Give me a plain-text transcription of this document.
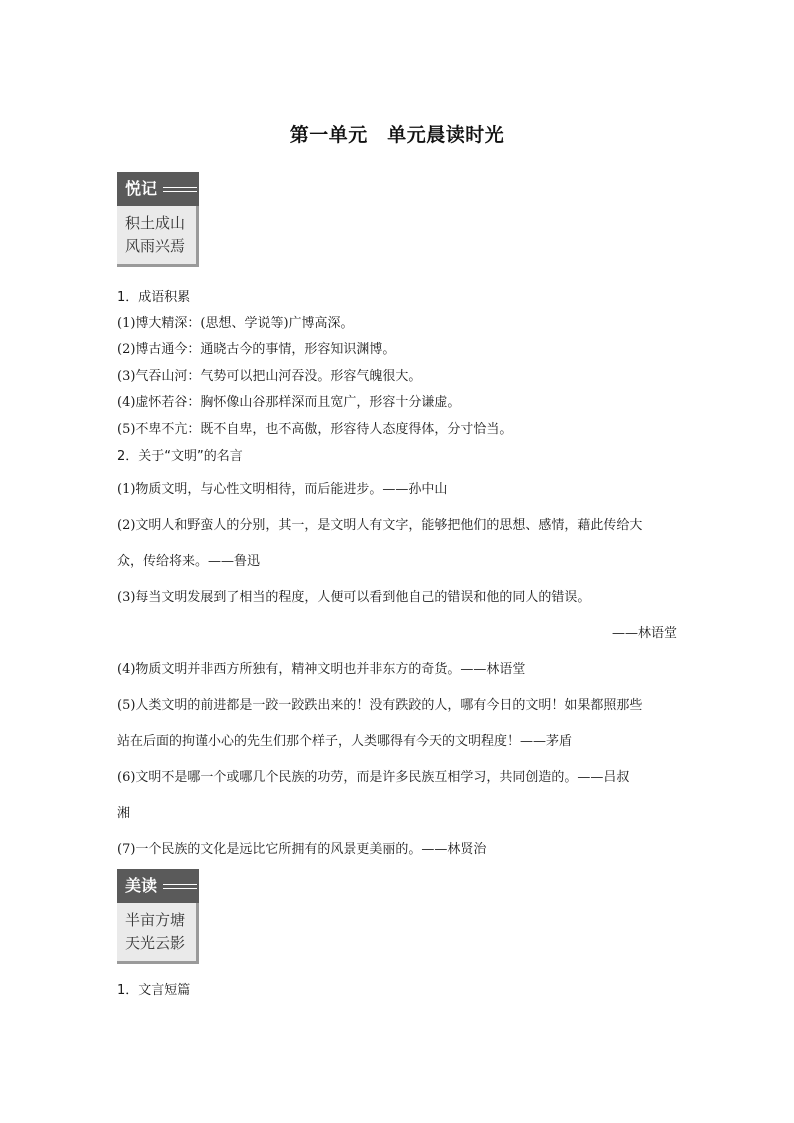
第一单元　单元晨读时光
悦记
积土成山
风雨兴焉
1．成语积累
(1)博大精深：(思想、学说等)广博高深。
(2)博古通今：通晓古今的事情，形容知识渊博。
(3)气吞山河：气势可以把山河吞没。形容气魄很大。
(4)虚怀若谷：胸怀像山谷那样深而且宽广，形容十分谦虚。
(5)不卑不亢：既不自卑，也不高傲，形容待人态度得体，分寸恰当。
2．关于“文明”的名言
(1)物质文明，与心性文明相待，而后能进步。——孙中山
(2)文明人和野蛮人的分别，其一，是文明人有文字，能够把他们的思想、感情，藉此传给大
众，传给将来。——鲁迅
(3)每当文明发展到了相当的程度，人便可以看到他自己的错误和他的同人的错误。
——林语堂
(4)物质文明并非西方所独有，精神文明也并非东方的奇货。——林语堂
(5)人类文明的前进都是一跤一跤跌出来的！没有跌跤的人，哪有今日的文明！如果都照那些
站在后面的拘谨小心的先生们那个样子，人类哪得有今天的文明程度！——茅盾
(6)文明不是哪一个或哪几个民族的功劳，而是许多民族互相学习，共同创造的。——吕叔
湘
(7)一个民族的文化是远比它所拥有的风景更美丽的。——林贤治
美读
半亩方塘
天光云影
1．文言短篇
